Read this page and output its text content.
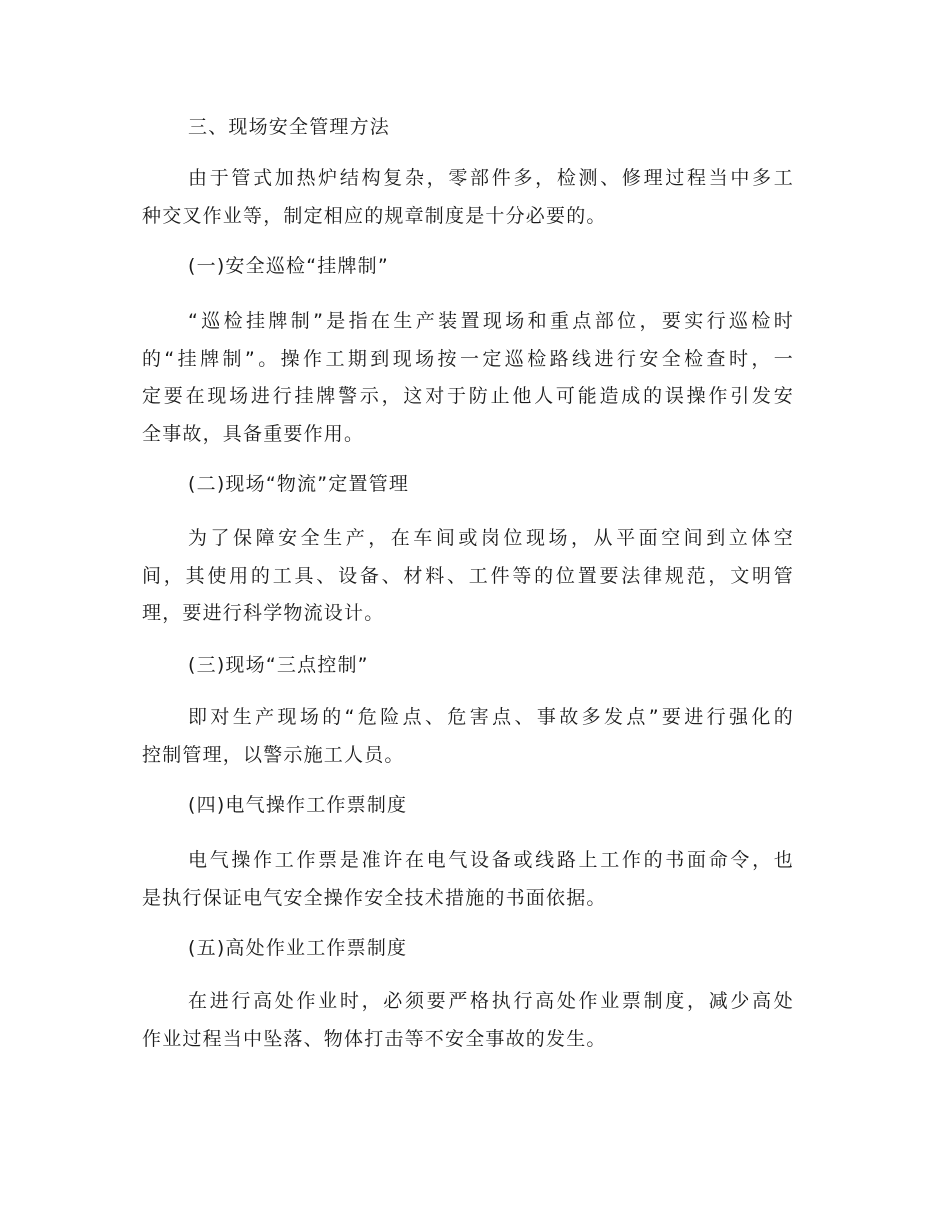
三、现场安全管理方法

由于管式加热炉结构复杂，零部件多，检测、修理过程当中多工
种交叉作业等，制定相应的规章制度是十分必要的。

(一)安全巡检“挂牌制”

“巡检挂牌制”是指在生产装置现场和重点部位，要实行巡检时
的“挂牌制”。操作工期到现场按一定巡检路线进行安全检查时，一
定要在现场进行挂牌警示，这对于防止他人可能造成的误操作引发安
全事故，具备重要作用。

(二)现场“物流”定置管理

为了保障安全生产，在车间或岗位现场，从平面空间到立体空
间，其使用的工具、设备、材料、工件等的位置要法律规范，文明管
理，要进行科学物流设计。

(三)现场“三点控制”

即对生产现场的“危险点、危害点、事故多发点”要进行强化的
控制管理，以警示施工人员。

(四)电气操作工作票制度

电气操作工作票是准许在电气设备或线路上工作的书面命令，也
是执行保证电气安全操作安全技术措施的书面依据。

(五)高处作业工作票制度

在进行高处作业时，必须要严格执行高处作业票制度，减少高处
作业过程当中坠落、物体打击等不安全事故的发生。
